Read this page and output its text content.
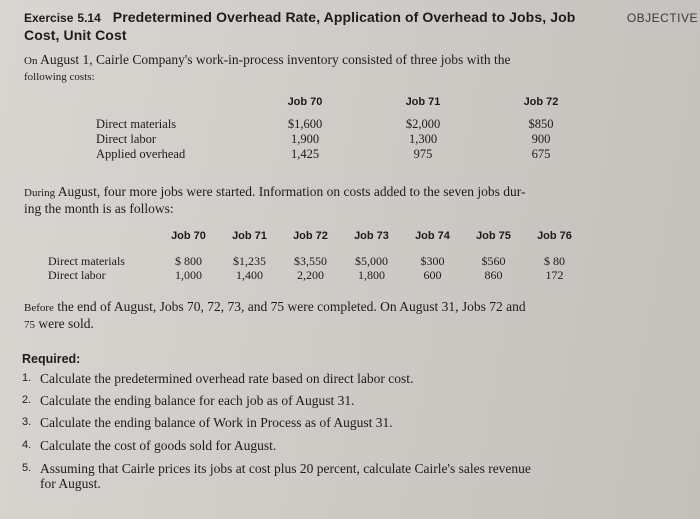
Exercise 5.14 Predetermined Overhead Rate, Application of Overhead to Jobs, Job
Cost, Unit Cost
OBJECTIVE
On August 1, Cairle Company's work-in-process inventory consisted of three jobs with the
following costs:
	Job 70	Job 71	Job 72
Direct materials	$1,600	$2,000	$850
Direct labor	1,900	1,300	900
Applied overhead	1,425	975	675
During August, four more jobs were started. Information on costs added to the seven jobs dur-
ing the month is as follows:
	Job 70	Job 71	Job 72	Job 73	Job 74	Job 75	Job 76
Direct materials	$ 800	$1,235	$3,550	$5,000	$300	$560	$ 80
Direct labor	1,000	1,400	2,200	1,800	600	860	172
Before the end of August, Jobs 70, 72, 73, and 75 were completed. On August 31, Jobs 72 and
75 were sold.
Required:
1. Calculate the predetermined overhead rate based on direct labor cost.
2. Calculate the ending balance for each job as of August 31.
3. Calculate the ending balance of Work in Process as of August 31.
4. Calculate the cost of goods sold for August.
5. Assuming that Cairle prices its jobs at cost plus 20 percent, calculate Cairle's sales revenue
for August.
